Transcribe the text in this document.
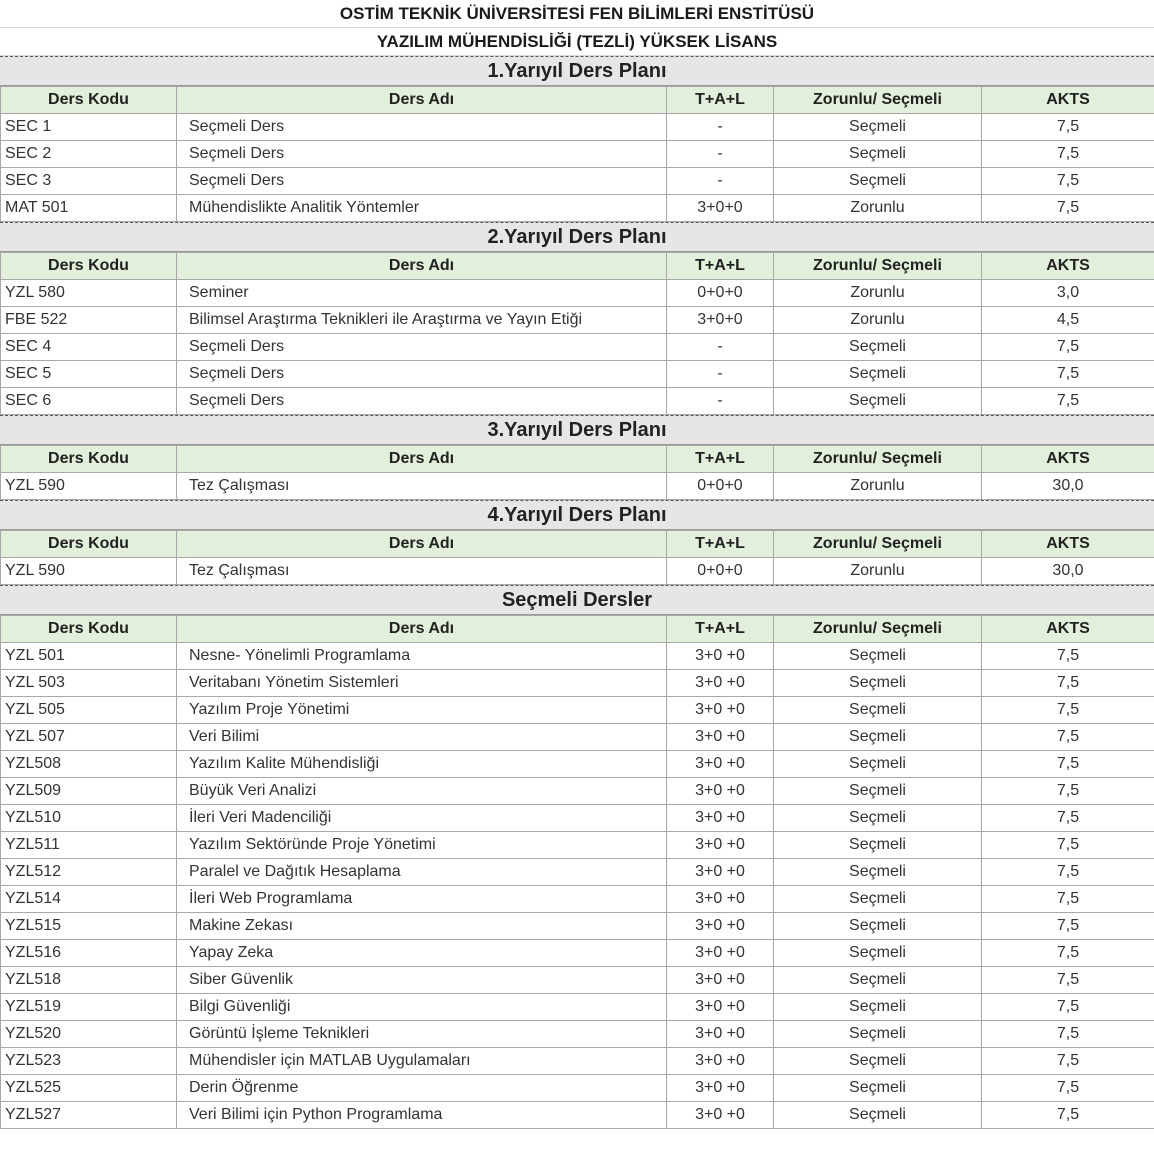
OSTİM TEKNİK ÜNİVERSİTESİ FEN BİLİMLERİ ENSTİTÜSÜ
YAZILIM MÜHENDİSLİĞİ (TEZLİ) YÜKSEK LİSANS
1.Yarıyıl Ders Planı
Ders Kodu	Ders Adı	T+A+L	Zorunlu/ Seçmeli	AKTS
SEC 1	Seçmeli Ders	-	Seçmeli	7,5
SEC 2	Seçmeli Ders	-	Seçmeli	7,5
SEC 3	Seçmeli Ders	-	Seçmeli	7,5
MAT 501	Mühendislikte Analitik Yöntemler	3+0+0	Zorunlu	7,5
2.Yarıyıl Ders Planı
Ders Kodu	Ders Adı	T+A+L	Zorunlu/ Seçmeli	AKTS
YZL 580	Seminer	0+0+0	Zorunlu	3,0
FBE 522	Bilimsel Araştırma Teknikleri ile Araştırma ve Yayın Etiği	3+0+0	Zorunlu	4,5
SEC 4	Seçmeli Ders	-	Seçmeli	7,5
SEC 5	Seçmeli Ders	-	Seçmeli	7,5
SEC 6	Seçmeli Ders	-	Seçmeli	7,5
3.Yarıyıl Ders Planı
Ders Kodu	Ders Adı	T+A+L	Zorunlu/ Seçmeli	AKTS
YZL 590	Tez Çalışması	0+0+0	Zorunlu	30,0
4.Yarıyıl Ders Planı
Ders Kodu	Ders Adı	T+A+L	Zorunlu/ Seçmeli	AKTS
YZL 590	Tez Çalışması	0+0+0	Zorunlu	30,0
Seçmeli Dersler
Ders Kodu	Ders Adı	T+A+L	Zorunlu/ Seçmeli	AKTS
YZL 501	Nesne- Yönelimli Programlama	3+0 +0	Seçmeli	7,5
YZL 503	Veritabanı Yönetim Sistemleri	3+0 +0	Seçmeli	7,5
YZL 505	Yazılım Proje Yönetimi	3+0 +0	Seçmeli	7,5
YZL 507	Veri Bilimi	3+0 +0	Seçmeli	7,5
YZL508	Yazılım Kalite Mühendisliği	3+0 +0	Seçmeli	7,5
YZL509	Büyük Veri Analizi	3+0 +0	Seçmeli	7,5
YZL510	İleri Veri Madenciliği	3+0 +0	Seçmeli	7,5
YZL511	Yazılım Sektöründe Proje Yönetimi	3+0 +0	Seçmeli	7,5
YZL512	Paralel ve Dağıtık Hesaplama	3+0 +0	Seçmeli	7,5
YZL514	İleri Web Programlama	3+0 +0	Seçmeli	7,5
YZL515	Makine Zekası	3+0 +0	Seçmeli	7,5
YZL516	Yapay Zeka	3+0 +0	Seçmeli	7,5
YZL518	Siber Güvenlik	3+0 +0	Seçmeli	7,5
YZL519	Bilgi Güvenliği	3+0 +0	Seçmeli	7,5
YZL520	Görüntü İşleme Teknikleri	3+0 +0	Seçmeli	7,5
YZL523	Mühendisler için MATLAB Uygulamaları	3+0 +0	Seçmeli	7,5
YZL525	Derin Öğrenme	3+0 +0	Seçmeli	7,5
YZL527	Veri Bilimi için Python Programlama	3+0 +0	Seçmeli	7,5
